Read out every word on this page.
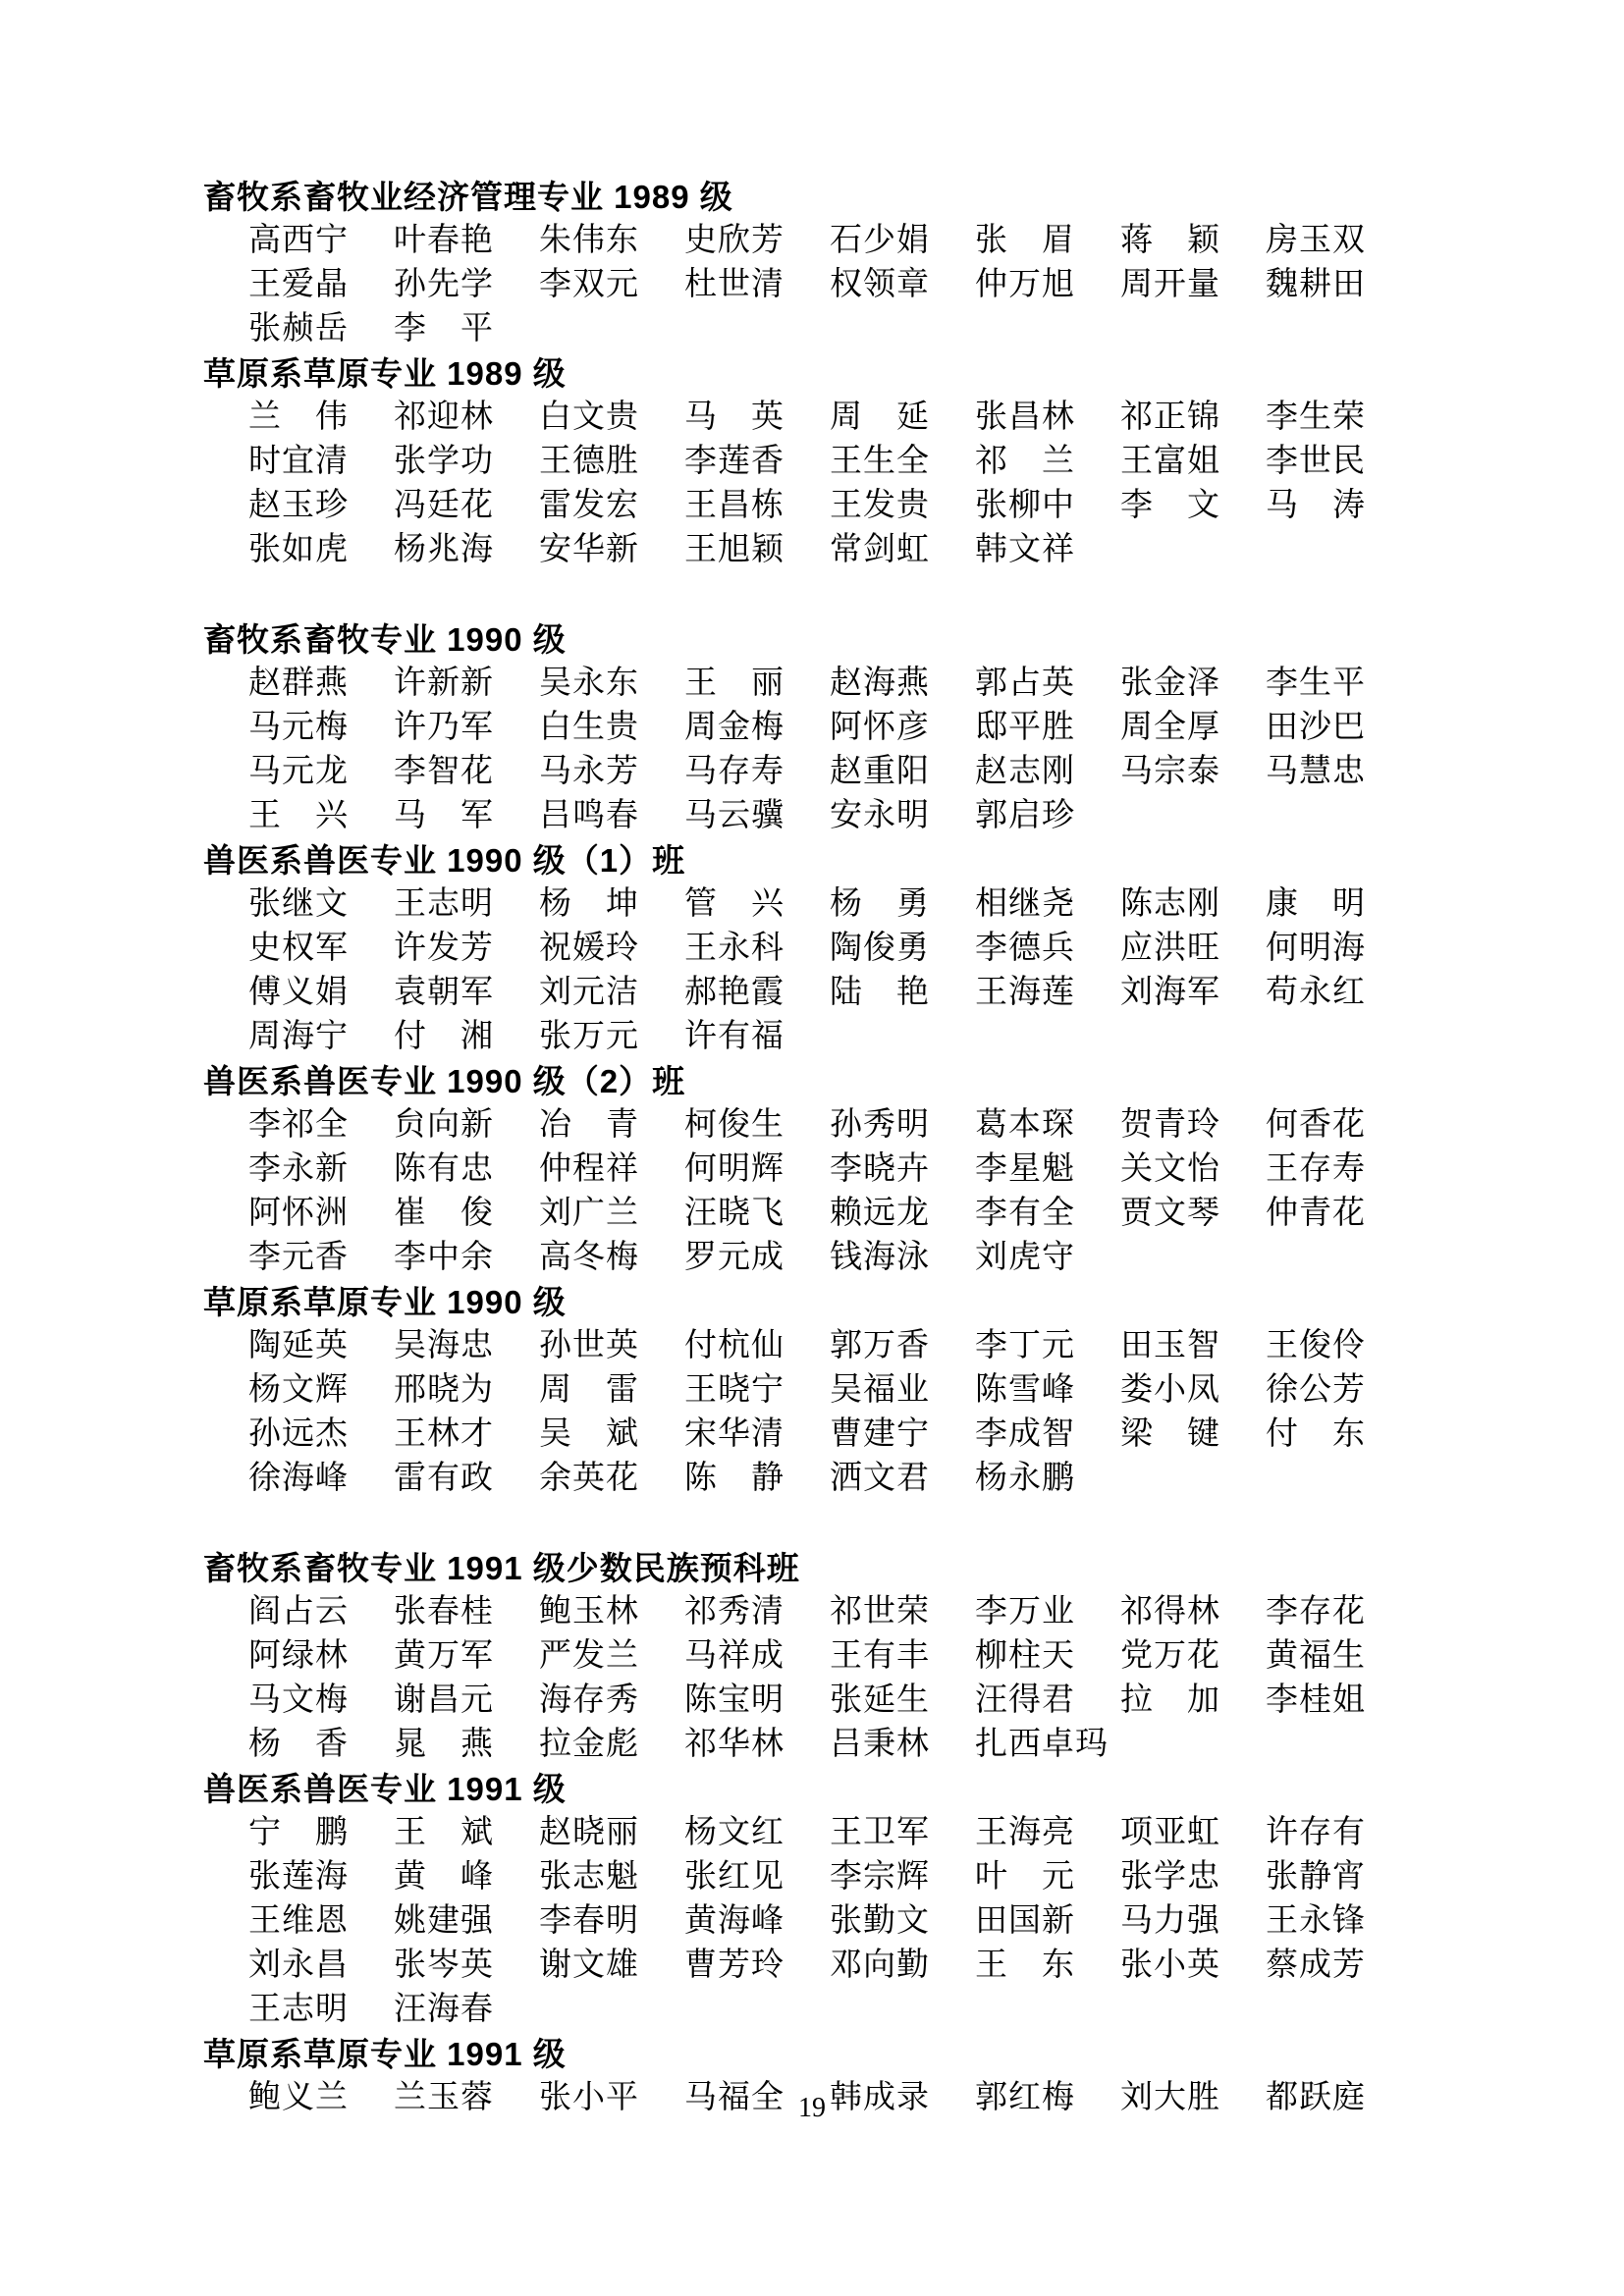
畜牧系畜牧业经济管理专业 1989 级
高西宁 叶春艳 朱伟东 史欣芳 石少娟 张　眉 蒋　颖 房玉双
王爱晶 孙先学 李双元 杜世清 权领章 仲万旭 周开量 魏耕田
张赪岳 李　平
草原系草原专业 1989 级
兰　伟 祁迎林 白文贵 马　英 周　延 张昌林 祁正锦 李生荣
时宜清 张学功 王德胜 李莲香 王生全 祁　兰 王富姐 李世民
赵玉珍 冯廷花 雷发宏 王昌栋 王发贵 张柳中 李　文 马　涛
张如虎 杨兆海 安华新 王旭颖 常剑虹 韩文祥
畜牧系畜牧专业 1990 级
赵群燕 许新新 吴永东 王　丽 赵海燕 郭占英 张金泽 李生平
马元梅 许乃军 白生贵 周金梅 阿怀彦 邸平胜 周全厚 田沙巴
马元龙 李智花 马永芳 马存寿 赵重阳 赵志刚 马宗泰 马慧忠
王　兴 马　军 吕鸣春 马云骥 安永明 郭启珍
兽医系兽医专业 1990 级（1）班
张继文 王志明 杨　坤 管　兴 杨　勇 相继尧 陈志刚 康　明
史权军 许发芳 祝媛玲 王永科 陶俊勇 李德兵 应洪旺 何明海
傅义娟 袁朝军 刘元洁 郝艳霞 陆　艳 王海莲 刘海军 苟永红
周海宁 付　湘 张万元 许有福
兽医系兽医专业 1990 级（2）班
李祁全 贠向新 冶　青 柯俊生 孙秀明 葛本琛 贺青玲 何香花
李永新 陈有忠 仲程祥 何明辉 李晓卉 李星魁 关文怡 王存寿
阿怀洲 崔　俊 刘广兰 汪晓飞 赖远龙 李有全 贾文琴 仲青花
李元香 李中余 高冬梅 罗元成 钱海泳 刘虎守
草原系草原专业 1990 级
陶延英 吴海忠 孙世英 付杭仙 郭万香 李丁元 田玉智 王俊伶
杨文辉 邢晓为 周　雷 王晓宁 吴福业 陈雪峰 娄小凤 徐公芳
孙远杰 王林才 吴　斌 宋华清 曹建宁 李成智 梁　键 付　东
徐海峰 雷有政 余英花 陈　静 洒文君 杨永鹏
畜牧系畜牧专业 1991 级少数民族预科班
阎占云 张春桂 鲍玉林 祁秀清 祁世荣 李万业 祁得林 李存花
阿绿林 黄万军 严发兰 马祥成 王有丰 柳柱天 党万花 黄福生
马文梅 谢昌元 海存秀 陈宝明 张延生 汪得君 拉　加 李桂姐
杨　香 晁　燕 拉金彪 祁华林 吕秉林 扎西卓玛
兽医系兽医专业 1991 级
宁　鹏 王　斌 赵晓丽 杨文红 王卫军 王海亮 项亚虹 许存有
张莲海 黄　峰 张志魁 张红见 李宗辉 叶　元 张学忠 张静宵
王维恩 姚建强 李春明 黄海峰 张勤文 田国新 马力强 王永锋
刘永昌 张岑英 谢文雄 曹芳玲 邓向勤 王　东 张小英 蔡成芳
王志明 汪海春
草原系草原专业 1991 级
鲍义兰 兰玉蓉 张小平 马福全 韩成录 郭红梅 刘大胜 都跃庭
19
